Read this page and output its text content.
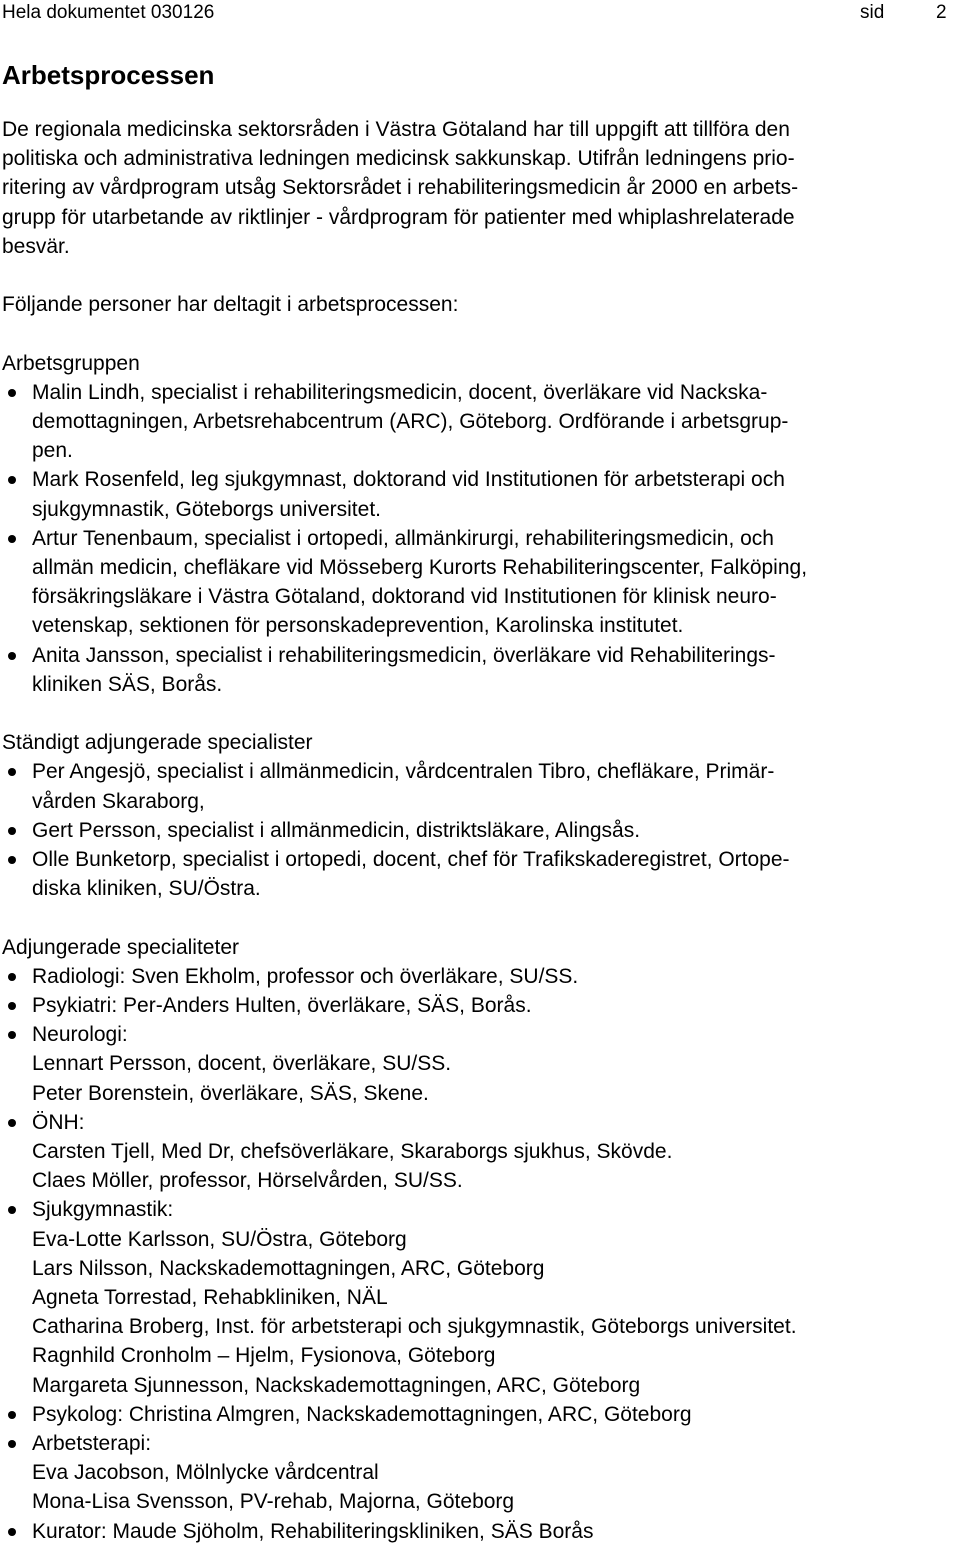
Hela dokumentet 030126	sid	2
Arbetsprocessen
De regionala medicinska sektorsråden i Västra Götaland har till uppgift att tillföra den
politiska och administrativa ledningen medicinsk sakkunskap. Utifrån ledningens prio-
ritering av vårdprogram utsåg Sektorsrådet i rehabiliteringsmedicin år 2000 en arbets-
grupp för utarbetande av riktlinjer - vårdprogram för patienter med whiplashrelaterade
besvär.
Följande personer har deltagit i arbetsprocessen:
Arbetsgruppen
Malin Lindh, specialist i rehabiliteringsmedicin, docent, överläkare vid Nackska-
demottagningen, Arbetsrehabcentrum (ARC), Göteborg. Ordförande i arbetsgrup-
pen.
Mark Rosenfeld, leg sjukgymnast, doktorand vid Institutionen för arbetsterapi och
sjukgymnastik, Göteborgs universitet.
Artur Tenenbaum, specialist i ortopedi, allmänkirurgi, rehabiliteringsmedicin, och
allmän medicin, chefläkare vid Mösseberg Kurorts Rehabiliteringscenter, Falköping,
försäkringsläkare i Västra Götaland, doktorand vid Institutionen för klinisk neuro-
vetenskap, sektionen för personskadeprevention, Karolinska institutet.
Anita Jansson, specialist i rehabiliteringsmedicin, överläkare vid Rehabiliterings-
kliniken SÄS, Borås.
Ständigt adjungerade specialister
Per Angesjö, specialist i allmänmedicin, vårdcentralen Tibro, chefläkare, Primär-
vården Skaraborg,
Gert Persson, specialist i allmänmedicin, distriktsläkare, Alingsås.
Olle Bunketorp, specialist i ortopedi, docent, chef för Trafikskaderegistret, Ortope-
diska kliniken, SU/Östra.
Adjungerade specialiteter
Radiologi: Sven Ekholm, professor och överläkare, SU/SS.
Psykiatri: Per-Anders Hulten, överläkare, SÄS, Borås.
Neurologi:
Lennart Persson, docent, överläkare, SU/SS.
Peter Borenstein, överläkare, SÄS, Skene.
ÖNH:
Carsten Tjell, Med Dr, chefsöverläkare, Skaraborgs sjukhus, Skövde.
Claes Möller, professor, Hörselvården, SU/SS.
Sjukgymnastik:
Eva-Lotte Karlsson, SU/Östra, Göteborg
Lars Nilsson, Nackskademottagningen, ARC, Göteborg
Agneta Torrestad, Rehabkliniken, NÄL
Catharina Broberg, Inst. för arbetsterapi och sjukgymnastik, Göteborgs universitet.
Ragnhild Cronholm – Hjelm, Fysionova, Göteborg
Margareta Sjunnesson, Nackskademottagningen, ARC, Göteborg
Psykolog: Christina Almgren, Nackskademottagningen, ARC, Göteborg
Arbetsterapi:
Eva Jacobson, Mölnlycke vårdcentral
Mona-Lisa Svensson, PV-rehab, Majorna, Göteborg
Kurator: Maude Sjöholm, Rehabiliteringskliniken, SÄS Borås
